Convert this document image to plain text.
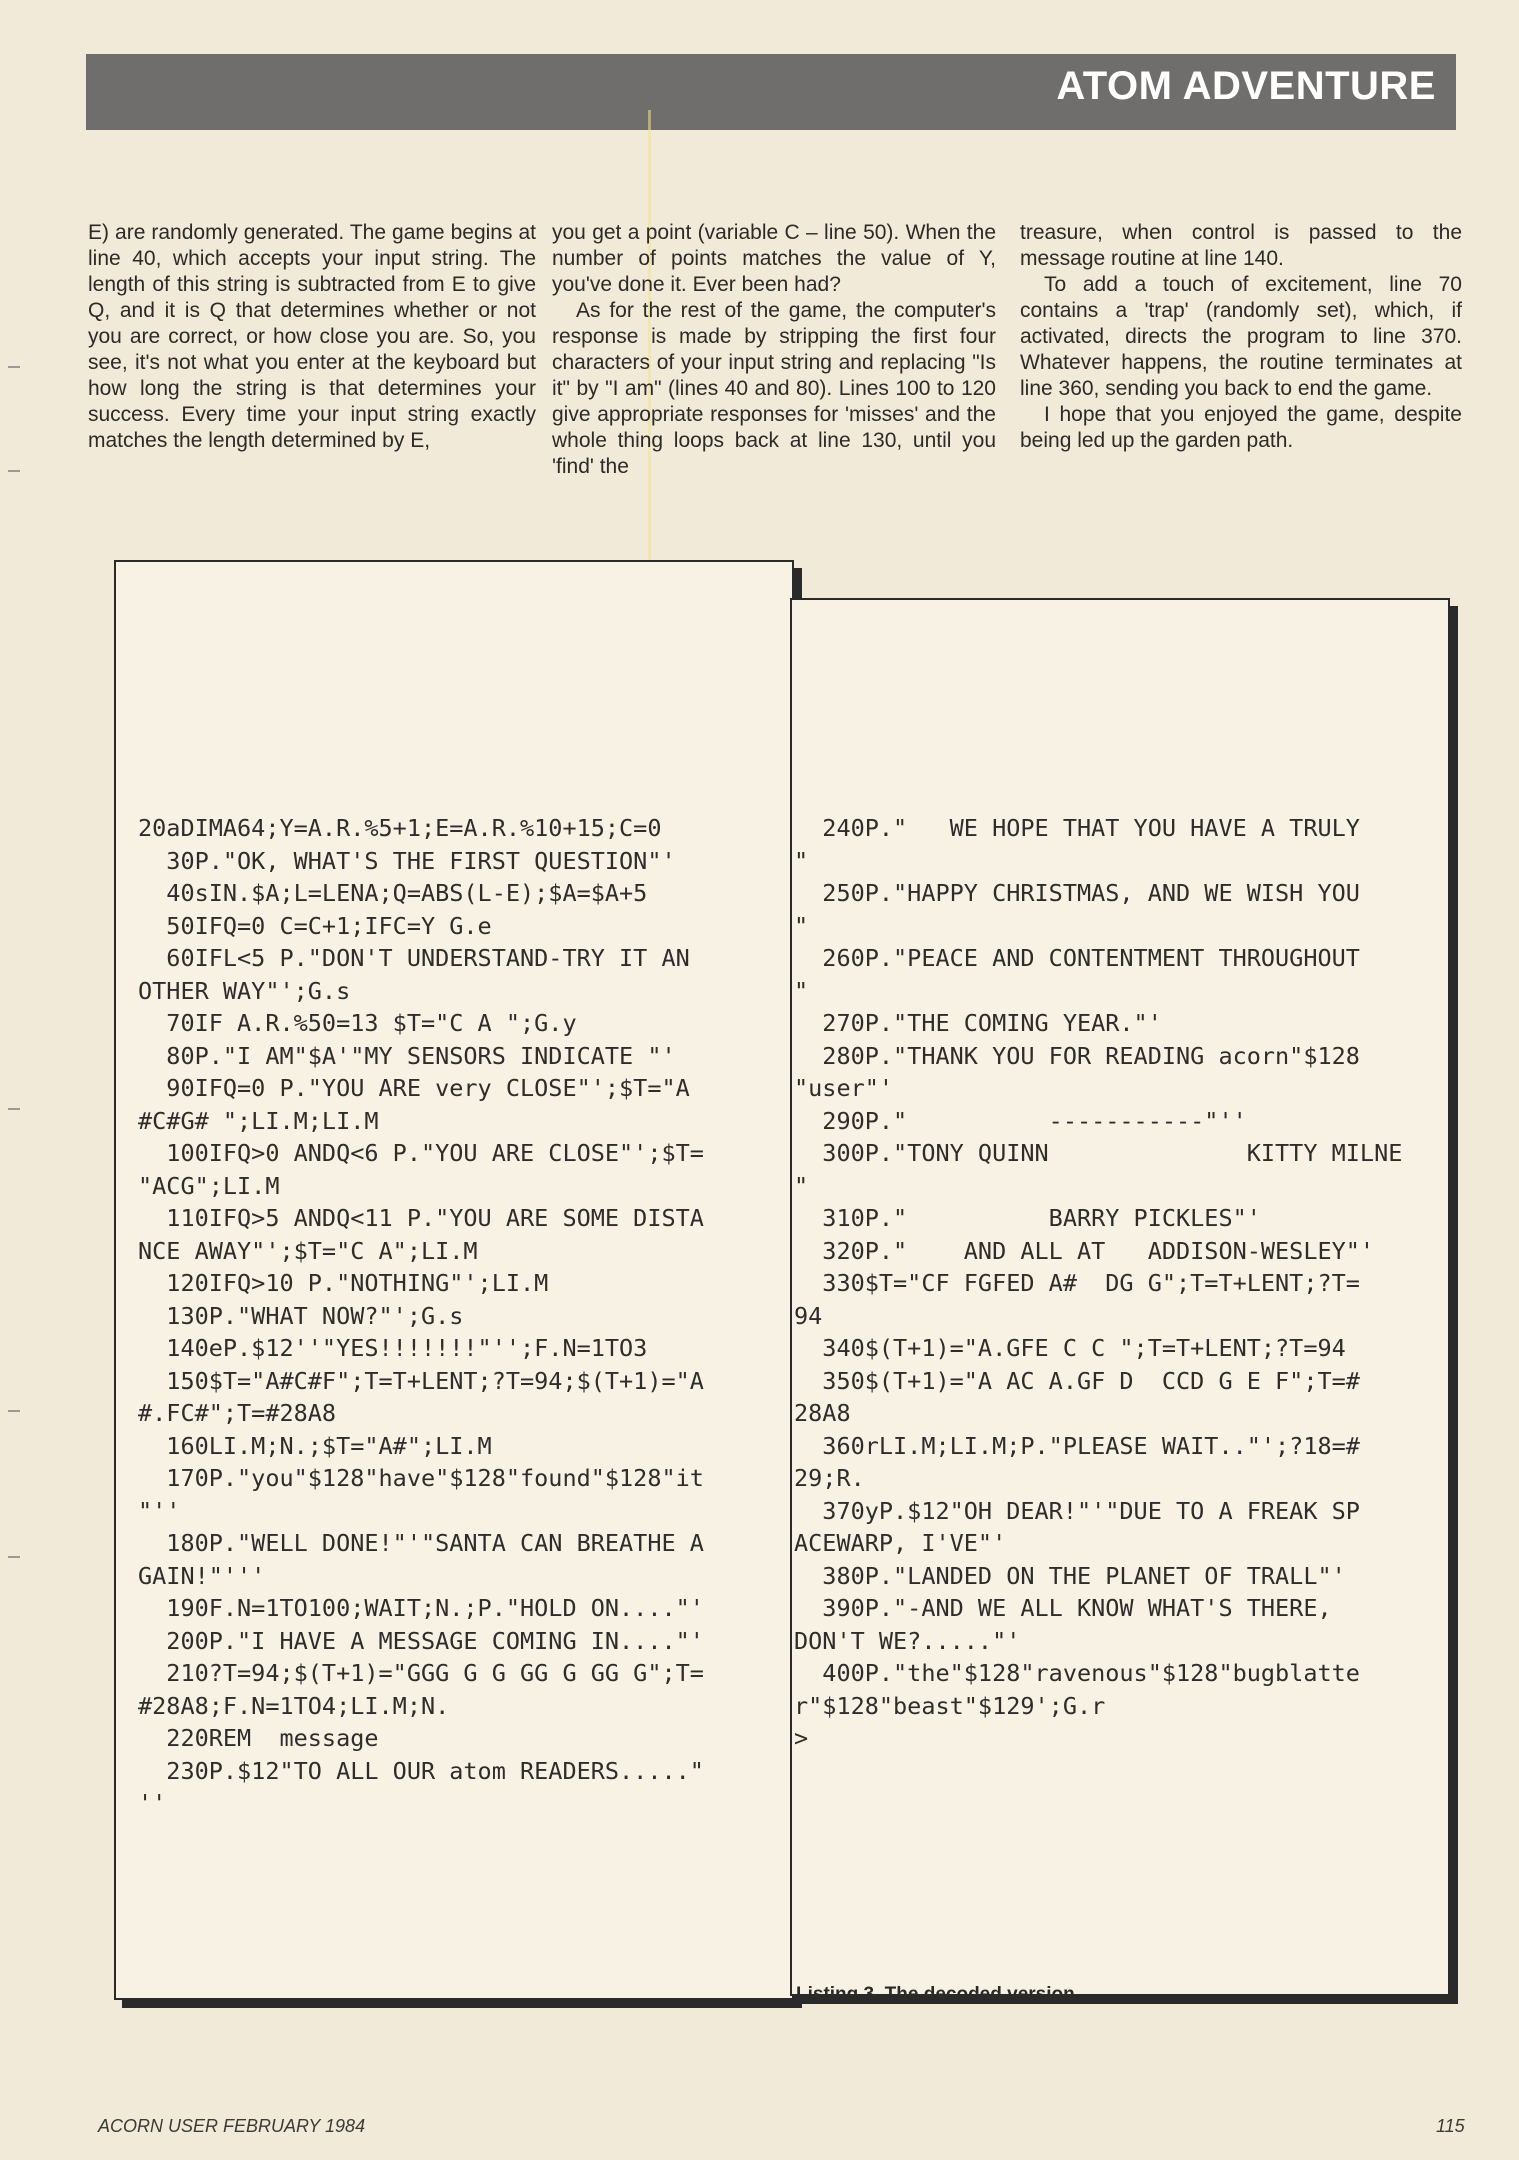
ATOM ADVENTURE

E) are randomly generated. The game begins at line 40, which accepts your input string. The length of this string is subtracted from E to give Q, and it is Q that determines whether or not you are correct, or how close you are. So, you see, it's not what you enter at the keyboard but how long the string is that determines your success. Every time your input string exactly matches the length determined by E,

you get a point (variable C – line 50). When the number of points matches the value of Y, you've done it. Ever been had?

As for the rest of the game, the computer's response is made by stripping the first four characters of your input string and replacing "Is it" by "I am" (lines 40 and 80). Lines 100 to 120 give appropriate responses for 'misses' and the whole thing loops back at line 130, until you 'find' the

treasure, when control is passed to the message routine at line 140.

To add a touch of excitement, line 70 contains a 'trap' (randomly set), which, if activated, directs the program to line 370. Whatever happens, the routine terminates at line 360, sending you back to end the game.

I hope that you enjoyed the game, despite being led up the garden path.

20aDIMA64;Y=A.R.%5+1;E=A.R.%10+15;C=0
30P."OK, WHAT'S THE FIRST QUESTION"'
40sIN.$A;L=LENA;Q=ABS(L-E);$A=$A+5
50IFQ=0 C=C+1;IFC=Y G.e
60IFL<5 P."DON'T UNDERSTAND-TRY IT AN
OTHER WAY"';G.s
70IF A.R.%50=13 $T="C A ";G.y
80P."I AM"$A'"MY SENSORS INDICATE "'
90IFQ=0 P."YOU ARE very CLOSE"';$T="A
#C#G# ";LI.M;LI.M
100IFQ>0 ANDQ<6 P."YOU ARE CLOSE"';$T=
"ACG";LI.M
110IFQ>5 ANDQ<11 P."YOU ARE SOME DISTA
NCE AWAY"';$T="C A";LI.M
120IFQ>10 P."NOTHING"';LI.M
130P."WHAT NOW?"';G.s
140eP.$12''"YES!!!!!!!"'';F.N=1TO3
150$T="A#C#F";T=T+LENT;?T=94;$(T+1)="A
#.FC#";T=#28A8
160LI.M;N.;$T="A#";LI.M
170P."you"$128"have"$128"found"$128"it
"''
180P."WELL DONE!"'"SANTA CAN BREATHE A
GAIN!"'''
190F.N=1TO100;WAIT;N.;P."HOLD ON...."'
200P."I HAVE A MESSAGE COMING IN...."'
210?T=94;$(T+1)="GGG G G GG G GG G";T=
#28A8;F.N=1TO4;LI.M;N.
220REM  message
230P.$12"TO ALL OUR atom READERS....."
''
240P."   WE HOPE THAT YOU HAVE A TRULY
"
250P."HAPPY CHRISTMAS, AND WE WISH YOU
"
260P."PEACE AND CONTENTMENT THROUGHOUT
"
270P."THE COMING YEAR."'
280P."THANK YOU FOR READING acorn"$128
"user"'
290P."          -----------"''
300P."TONY QUINN              KITTY MILNE
"
310P."          BARRY PICKLES"'
320P."    AND ALL AT   ADDISON-WESLEY"'
330$T="CF FGFED A#  DG G";T=T+LENT;?T=
94
340$(T+1)="A.GFE C C ";T=T+LENT;?T=94
350$(T+1)="A AC A.GF D  CCD G E F";T=#
28A8
360rLI.M;LI.M;P."PLEASE WAIT.."';?18=#
29;R.
370yP.$12"OH DEAR!"'"DUE TO A FREAK SP
ACEWARP, I'VE"'
380P."LANDED ON THE PLANET OF TRALL"'
390P."-AND WE ALL KNOW WHAT'S THERE,
DON'T WE?....."'
400P."the"$128"ravenous"$128"bugblatte
r"$128"beast"$129';G.r
>
Listing 3. The decoded version
ACORN USER FEBRUARY 1984	115
